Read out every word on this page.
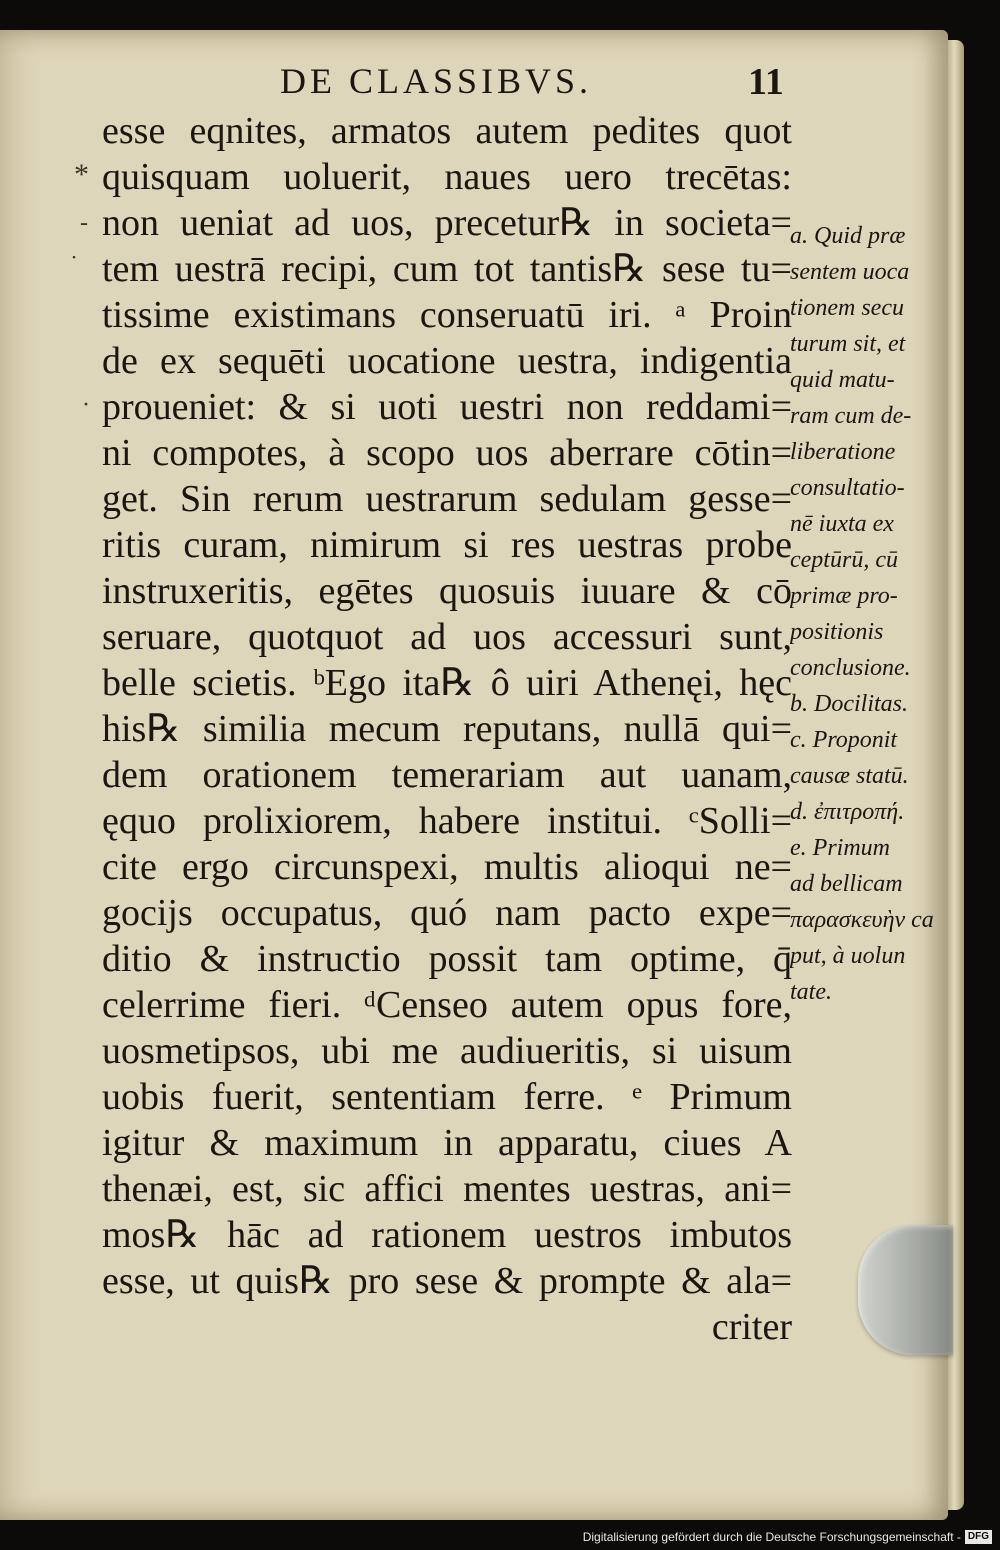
DE CLASSIBVS.	11
*
-
˙
·
esse eqnites, armatos autem pedites quot
quisquam uoluerit, naues uero trecētas:
non ueniat ad uos, precetur℞ in societa=
tem uestrā recipi, cum tot tantis℞ sese tu=
tissime existimans conseruatū iri. ᵃ Proin
de ex sequēti uocatione uestra, indigentia
proueniet: & si uoti uestri non reddami=
ni compotes, à scopo uos aberrare cōtin=
get. Sin rerum uestrarum sedulam gesse=
ritis curam, nimirum si res uestras probe
instruxeritis, egētes quosuis iuuare & cō
seruare, quotquot ad uos accessuri sunt,
belle scietis. ᵇEgo ita℞ ô uiri Athenęi, hęc
his℞ similia mecum reputans, nullā qui=
dem orationem temerariam aut uanam,
ęquo prolixiorem, habere institui. ᶜSolli=
cite ergo circunspexi, multis alioqui ne=
gocijs occupatus, quó nam pacto expe=
ditio & instructio possit tam optime, q̄
celerrime fieri. ᵈCenseo autem opus fore,
uosmetipsos, ubi me audiueritis, si uisum
uobis fuerit, sententiam ferre. ᵉ Primum
igitur & maximum in apparatu, ciues A
thenæi, est, sic affici mentes uestras, ani=
mos℞ hāc ad rationem uestros imbutos
esse, ut quis℞ pro sese & prompte & ala=
criter
a. Quid præ
sentem uoca
tionem secu
turum sit, et
quid matu-
ram cum de-
liberatione
consultatio-
nē iuxta ex
ceptūrū, cū
primæ pro-
positionis
conclusione.
b. Docilitas.
c. Proponit
causæ statū.
d. ἐπιτροπή.
e. Primum
ad bellicam
παρασκευὴν ca
put, à uolun
tate.
Digitalisierung gefördert durch die Deutsche Forschungsgemeinschaft - DFG
